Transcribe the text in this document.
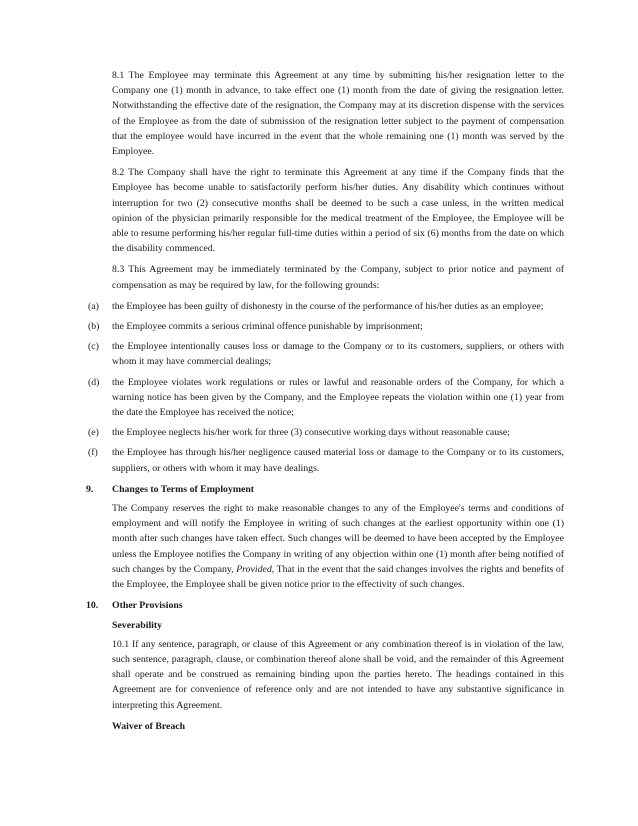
8.1 The Employee may terminate this Agreement at any time by submitting his/her resignation letter to the Company one (1) month in advance, to take effect one (1) month from the date of giving the resignation letter. Notwithstanding the effective date of the resignation, the Company may at its discretion dispense with the services of the Employee as from the date of submission of the resignation letter subject to the payment of compensation that the employee would have incurred in the event that the whole remaining one (1) month was served by the Employee.

8.2 The Company shall have the right to terminate this Agreement at any time if the Company finds that the Employee has become unable to satisfactorily perform his/her duties. Any disability which continues without interruption for two (2) consecutive months shall be deemed to be such a case unless, in the written medical opinion of the physician primarily responsible for the medical treatment of the Employee, the Employee will be able to resume performing his/her regular full-time duties within a period of six (6) months from the date on which the disability commenced.

8.3 This Agreement may be immediately terminated by the Company, subject to prior notice and payment of compensation as may be required by law, for the following grounds:

(a)	the Employee has been guilty of dishonesty in the course of the performance of his/her duties as an employee;
(b)	the Employee commits a serious criminal offence punishable by imprisonment;
(c)	the Employee intentionally causes loss or damage to the Company or to its customers, suppliers, or others with whom it may have commercial dealings;
(d)	the Employee violates work regulations or rules or lawful and reasonable orders of the Company, for which a warning notice has been given by the Company, and the Employee repeats the violation within one (1) year from the date the Employee has received the notice;
(e)	the Employee neglects his/her work for three (3) consecutive working days without reasonable cause;
(f)	the Employee has through his/her negligence caused material loss or damage to the Company or to its customers, suppliers, or others with whom it may have dealings.
9.	Changes to Terms of Employment

The Company reserves the right to make reasonable changes to any of the Employee's terms and conditions of employment and will notify the Employee in writing of such changes at the earliest opportunity within one (1) month after such changes have taken effect. Such changes will be deemed to have been accepted by the Employee unless the Employee notifies the Company in writing of any objection within one (1) month after being notified of such changes by the Company, Provided, That in the event that the said changes involves the rights and benefits of the Employee, the Employee shall be given notice prior to the effectivity of such changes.

10.	Other Provisions
Severability

10.1 If any sentence, paragraph, or clause of this Agreement or any combination thereof is in violation of the law, such sentence, paragraph, clause, or combination thereof alone shall be void, and the remainder of this Agreement shall operate and be construed as remaining binding upon the parties hereto. The headings contained in this Agreement are for convenience of reference only and are not intended to have any substantive significance in interpreting this Agreement.

Waiver of Breach
